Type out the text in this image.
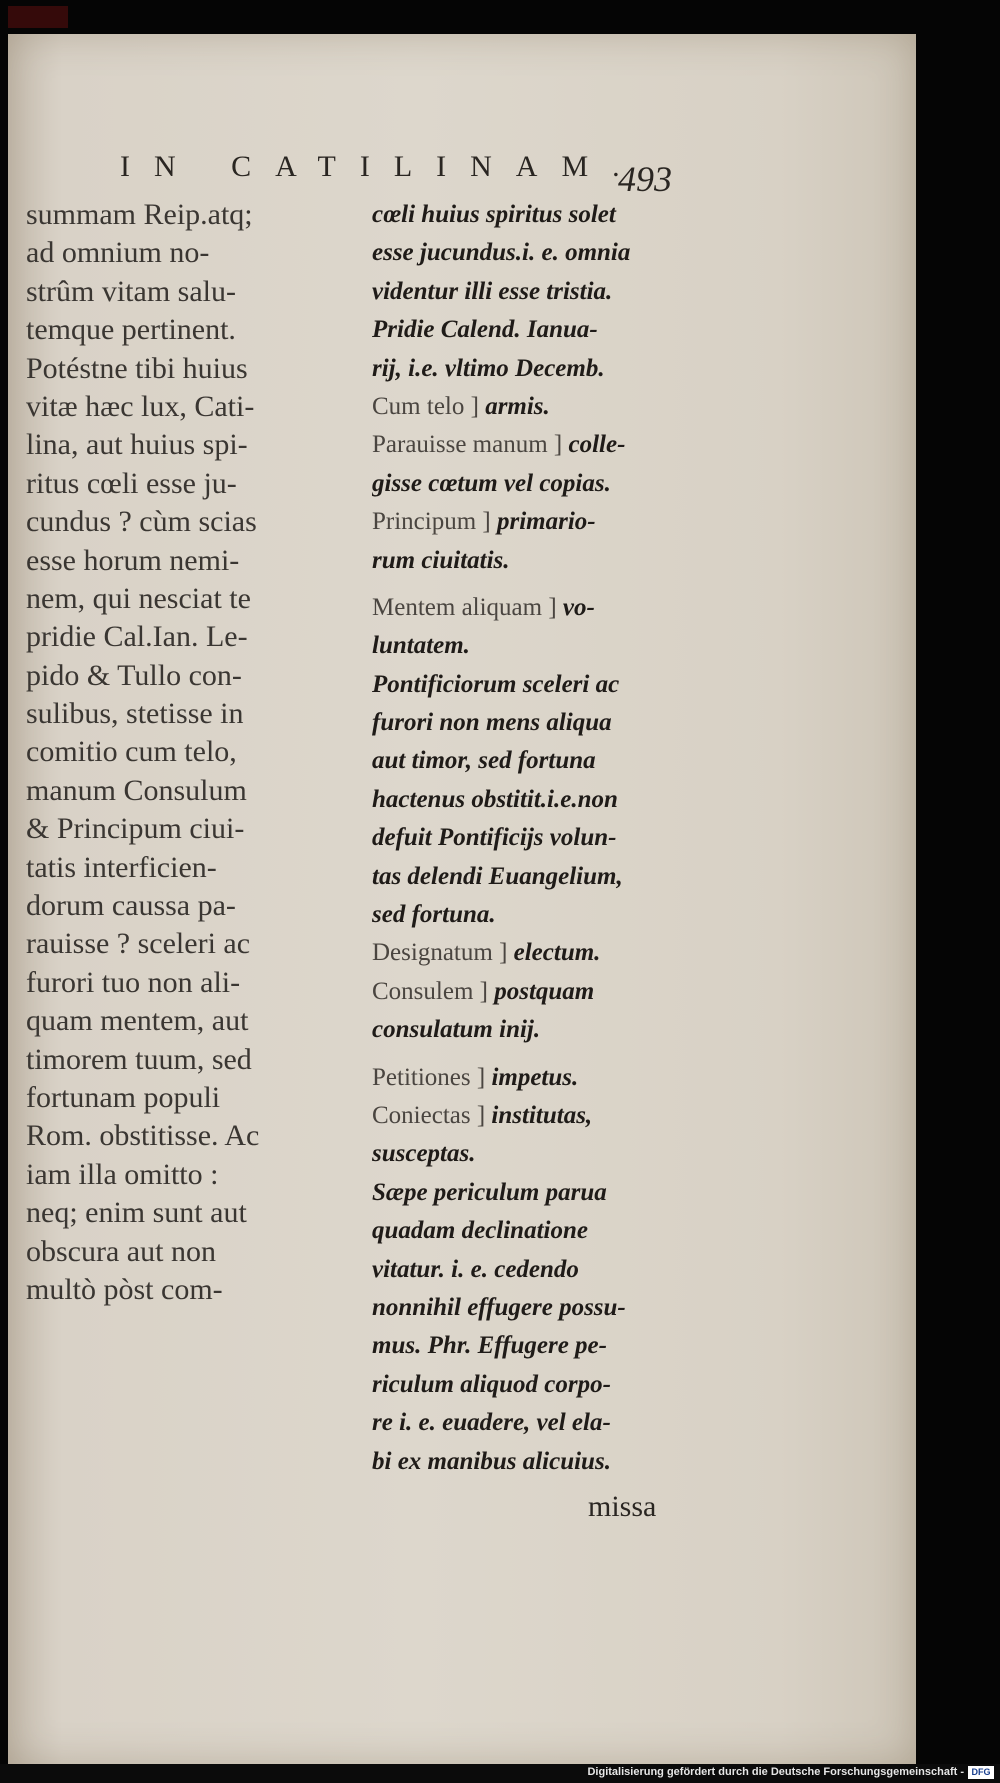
IN CATILINAM.
493
summam Reip.atq;
ad omnium no-
strûm vitam salu-
temque pertinent.
Potéstne tibi huius
vitæ hæc lux, Cati-
lina, aut huius spi-
ritus cœli esse ju-
cundus ? cùm scias
esse horum nemi-
nem, qui nesciat te
pridie Cal.Ian. Le-
pido & Tullo con-
sulibus, stetisse in
comitio cum telo,
manum Consulum
& Principum ciui-
tatis interficien-
dorum caussa pa-
rauisse ? sceleri ac
furori tuo non ali-
quam mentem, aut
timorem tuum, sed
fortunam populi
Rom. obstitisse. Ac
iam illa omitto :
neq; enim sunt aut
obscura aut non
multò pòst com-
cœli huius spiritus solet
esse jucundus.i. e. omnia
videntur illi esse tristia.
Pridie Calend. Ianua-
rij, i.e. vltimo Decemb.
Cum telo ] armis.
Parauisse manum ] colle-
gisse cœtum vel copias.
Principum ] primario-
rum ciuitatis.
Mentem aliquam ] vo-
luntatem.
Pontificiorum sceleri ac
furori non mens aliqua
aut timor, sed fortuna
hactenus obstitit.i.e.non
defuit Pontificijs volun-
tas delendi Euangelium,
sed fortuna.
Designatum ] electum.
Consulem ] postquam
consulatum inij.
Petitiones ] impetus.
Coniectas ] institutas,
susceptas.
Sæpe periculum parua
quadam declinatione
vitatur. i. e. cedendo
nonnihil effugere possu-
mus. Phr. Effugere pe-
riculum aliquod corpo-
re i. e. euadere, vel ela-
bi ex manibus alicuius.
missa
Digitalisierung gefördert durch die Deutsche Forschungsgemeinschaft - DFG
